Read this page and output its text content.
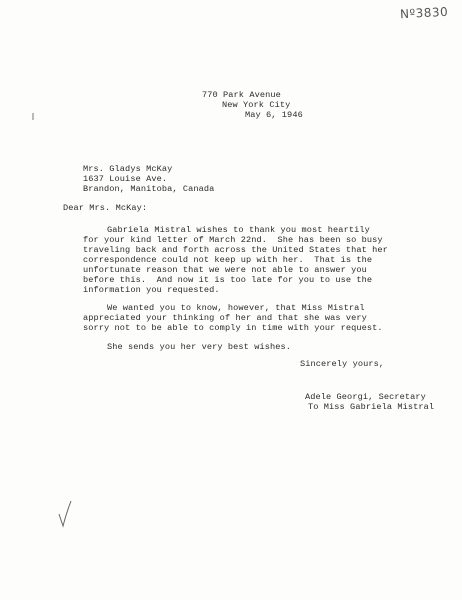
Nº3830
770 Park Avenue
New York City
May 6, 1946
Mrs. Gladys McKay
1637 Louise Ave.
Brandon, Manitoba, Canada
Dear Mrs. McKay:
Gabriela Mistral wishes to thank you most heartily
for your kind letter of March 22nd.  She has been so busy
traveling back and forth across the United States that her
correspondence could not keep up with her.  That is the
unfortunate reason that we were not able to answer you
before this.  And now it is too late for you to use the
information you requested.
We wanted you to know, however, that Miss Mistral
appreciated your thinking of her and that she was very
sorry not to be able to comply in time with your request.
She sends you her very best wishes.
Sincerely yours,
Adele Georgi, Secretary
To Miss Gabriela Mistral
